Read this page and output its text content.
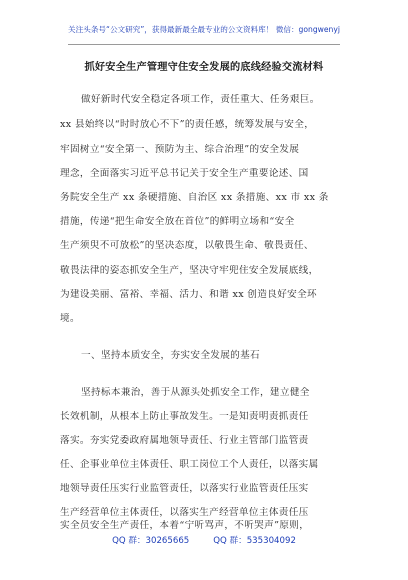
关注头条号“公文研究”，获得最新最全最专业的公文资料库！ 微信：gongwenyj
抓好安全生产管理守住安全发展的底线经验交流材料
做好新时代安全稳定各项工作，责任重大、任务艰巨。
xx 县始终以“时时放心不下”的责任感，统筹发展与安全，
牢固树立“安全第一、预防为主、综合治理”的安全发展
理念，全面落实习近平总书记关于安全生产重要论述、国
务院安全生产 xx 条硬措施、自治区 xx 条措施、xx 市 xx 条
措施，传递“把生命安全放在首位”的鲜明立场和“安全
生产须臾不可放松”的坚决态度，以敬畏生命、敬畏责任、
敬畏法律的姿态抓安全生产，坚决守牢兜住安全发展底线，
为建设美丽、富裕、幸福、活力、和谐 xx 创造良好安全环
境。
一、坚持本质安全，夯实安全发展的基石
坚持标本兼治，善于从源头处抓安全工作，建立健全
长效机制，从根本上防止事故发生。一是知责明责抓责任
落实。夯实党委政府属地领导责任、行业主管部门监管责
任、企事业单位主体责任、职工岗位工个人责任，以落实属
地领导责任压实行业监管责任，以落实行业监管责任压实
生产经营单位主体责任，以落实生产经营单位主体责任压
QQ 群：30265665	QQ 群：535304092
实全员安全生产责任，本着“宁听骂声，不听哭声”原则，
